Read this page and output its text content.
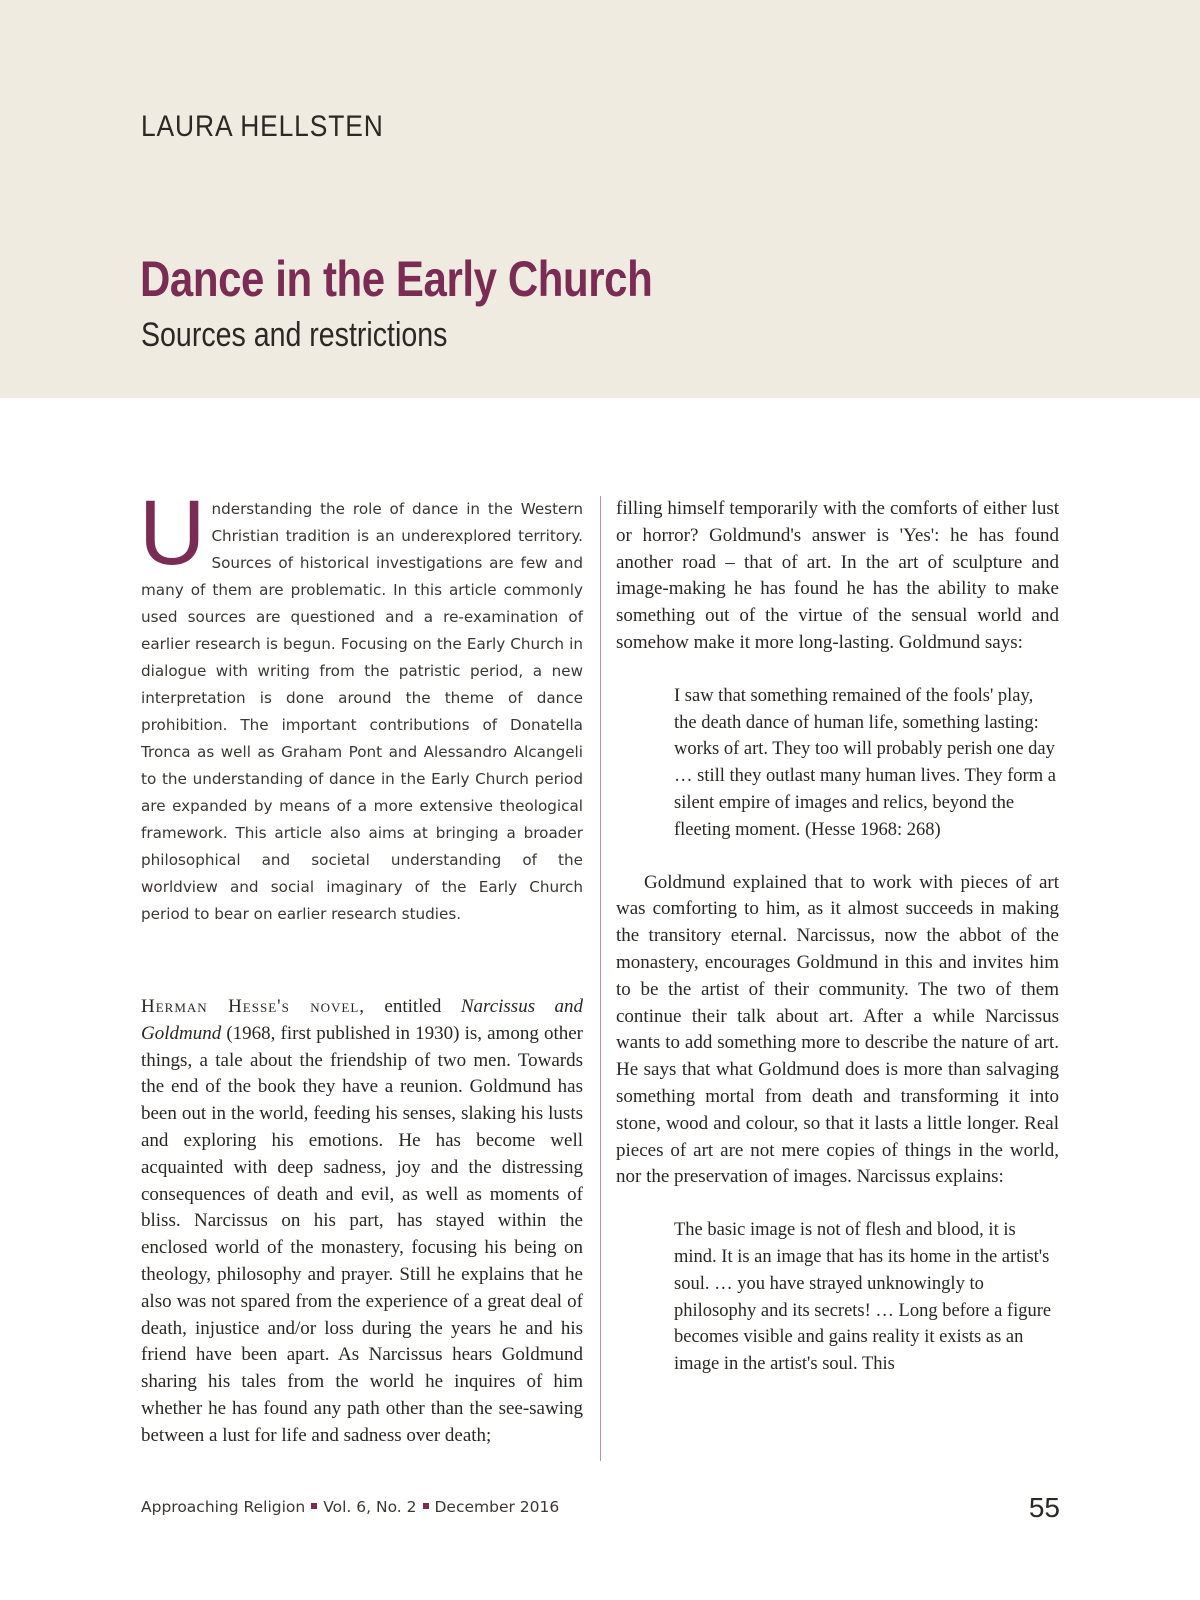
LAURA HELLSTEN
Dance in the Early Church
Sources and restrictions

Understanding the role of dance in the Western Christian tradition is an underexplored territory. Sources of historical investigations are few and many of them are problematic. In this article commonly used sources are questioned and a re-examination of earlier research is begun. Focusing on the Early Church in dialogue with writing from the patristic period, a new interpretation is done around the theme of dance prohibition. The important contributions of Donatella Tronca as well as Graham Pont and Alessandro Alcangeli to the understanding of dance in the Early Church period are expanded by means of a more extensive theological framework. This article also aims at bringing a broader philosophical and societal understanding of the worldview and social imaginary of the Early Church period to bear on earlier research studies.

Herman Hesse's novel, entitled Narcissus and Goldmund (1968, first published in 1930) is, among other things, a tale about the friendship of two men. Towards the end of the book they have a reunion. Goldmund has been out in the world, feeding his senses, slaking his lusts and exploring his emotions. He has become well acquainted with deep sadness, joy and the distressing consequences of death and evil, as well as moments of bliss. Narcissus on his part, has stayed within the enclosed world of the monastery, focusing his being on theology, philosophy and prayer. Still he explains that he also was not spared from the experience of a great deal of death, injustice and/or loss during the years he and his friend have been apart. As Narcissus hears Goldmund sharing his tales from the world he inquires of him whether he has found any path other than the see-sawing between a lust for life and sadness over death;

filling himself temporarily with the comforts of either lust or horror? Goldmund's answer is 'Yes': he has found another road – that of art. In the art of sculpture and image-making he has found he has the ability to make something out of the virtue of the sensual world and somehow make it more long-lasting. Goldmund says:

I saw that something remained of the fools' play, the death dance of human life, something lasting: works of art. They too will probably perish one day … still they outlast many human lives. They form a silent empire of images and relics, beyond the fleeting moment. (Hesse 1968: 268)

Goldmund explained that to work with pieces of art was comforting to him, as it almost succeeds in making the transitory eternal. Narcissus, now the abbot of the monastery, encourages Goldmund in this and invites him to be the artist of their community. The two of them continue their talk about art. After a while Narcissus wants to add something more to describe the nature of art. He says that what Goldmund does is more than salvaging something mortal from death and transforming it into stone, wood and colour, so that it lasts a little longer. Real pieces of art are not mere copies of things in the world, nor the preservation of images. Narcissus explains:

The basic image is not of flesh and blood, it is mind. It is an image that has its home in the artist's soul. … you have strayed unknowingly to philosophy and its secrets! … Long before a figure becomes visible and gains reality it exists as an image in the artist's soul. This
Approaching Religion Vol. 6, No. 2 December 2016	55
